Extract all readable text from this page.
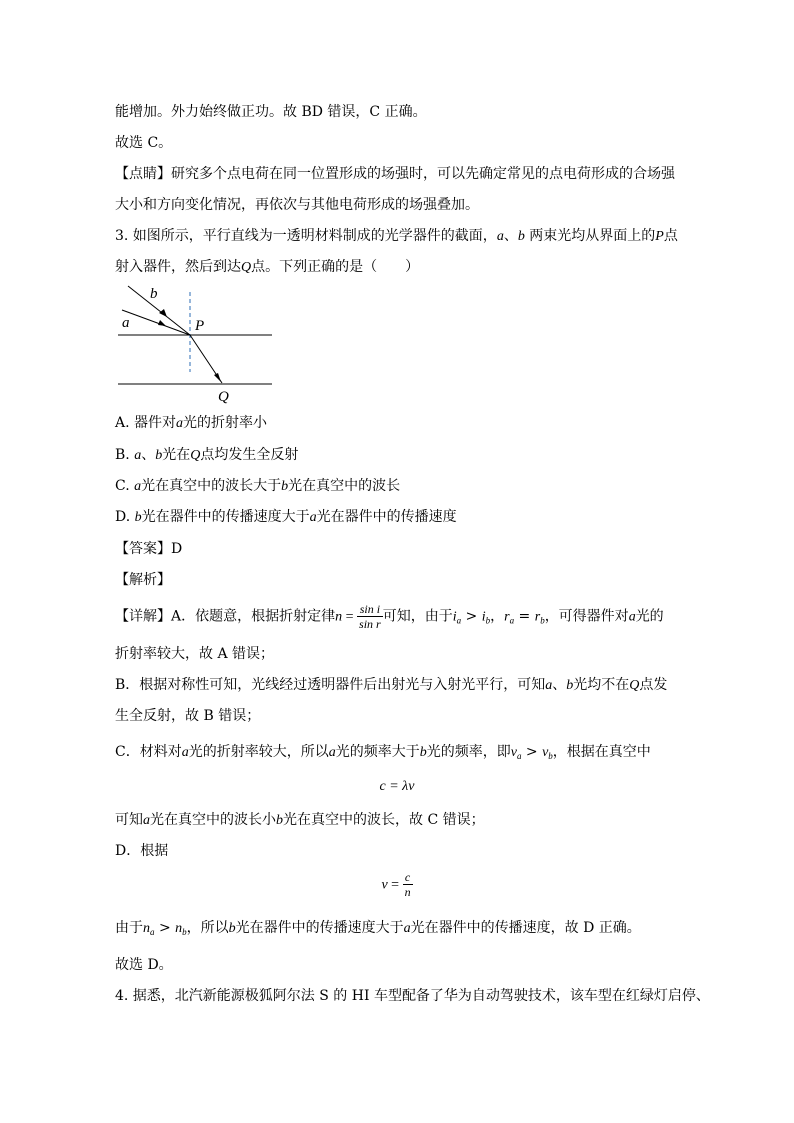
能增加。外力始终做正功。故 BD 错误，C 正确。
故选 C。
【点睛】研究多个点电荷在同一位置形成的场强时，可以先确定常见的点电荷形成的合场强
大小和方向变化情况，再依次与其他电荷形成的场强叠加。
3. 如图所示，平行直线为一透明材料制成的光学器件的截面，a、b 两束光均从界面上的P点
射入器件，然后到达Q点。下列正确的是（　　）
b
a	P
Q
A. 器件对a光的折射率小
B. a、b光在Q点均发生全反射
C. a光在真空中的波长大于b光在真空中的波长
D. b光在器件中的传播速度大于a光在器件中的传播速度
【答案】D
【解析】
【详解】A．依题意，根据折射定律$n = \frac{\text{sin i}}{\text{sin r}}$ 可知，由于$i_a > i_b$，$r_a = r_b$，可得器件对a光的
折射率较大，故 A 错误；
B．根据对称性可知，光线经过透明器件后出射光与入射光平行，可知a、b光均不在Q点发
生全反射，故 B 错误；
C．材料对a光的折射率较大，所以a光的频率大于b光的频率，即$\nu_a > \nu_b$，根据在真空中
c = λν
可知a光在真空中的波长小b光在真空中的波长，故 C 错误；
D．根据
$v = \frac{c}{n}$
由于$n_a > n_b$，所以b光在器件中的传播速度大于a光在器件中的传播速度，故 D 正确。
故选 D。
4. 据悉，北汽新能源极狐阿尔法 S 的 HI 车型配备了华为自动驾驶技术，该车型在红绿灯启停、
